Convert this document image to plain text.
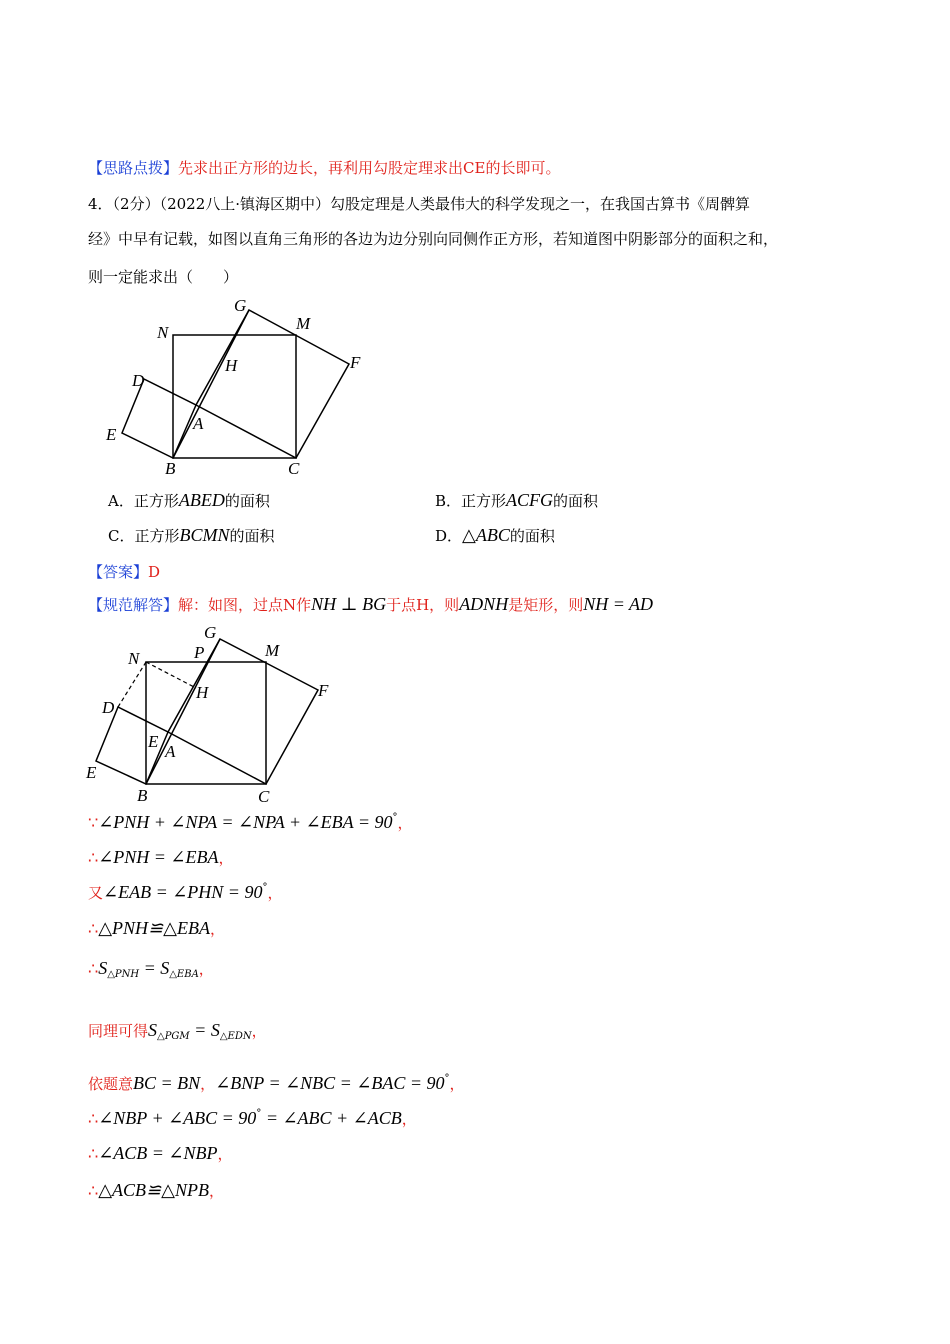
【思路点拨】先求出正方形的边长，再利用勾股定理求出CE的长即可。
4．（2分）（2022八上·镇海区期中）勾股定理是人类最伟大的科学发现之一，在我国古算书《周髀算
经》中早有记载，如图以直角三角形的各边为边分别向同侧作正方形，若知道图中阴影部分的面积之和，
则一定能求出（　　）
G
M
N
H	F
D
A
E
B	C
A．正方形ABED的面积	B．正方形ACFG的面积
C．正方形BCMN的面积	D．△ABC的面积
【答案】D
【规范解答】解：如图，过点N作NH ⊥ BG于点H，则ADNH是矩形，则NH = AD
G
P	M
N
H	F
D
E
A
E
B	C
∵∠PNH + ∠NPA = ∠NPA + ∠EBA = 90°，
∴∠PNH = ∠EBA，
又∠EAB = ∠PHN = 90°，
∴△PNH≌△EBA，
$\therefore S_{\triangle PNH} = S_{\triangle EBA}$，
同理可得$S_{\triangle PGM} = S_{\triangle EDN}$，
依题意BC = BN，∠BNP = ∠NBC = ∠BAC = 90°，
∴∠NBP + ∠ABC = 90° = ∠ABC + ∠ACB，
∴∠ACB = ∠NBP，
∴△ACB≌△NPB，
